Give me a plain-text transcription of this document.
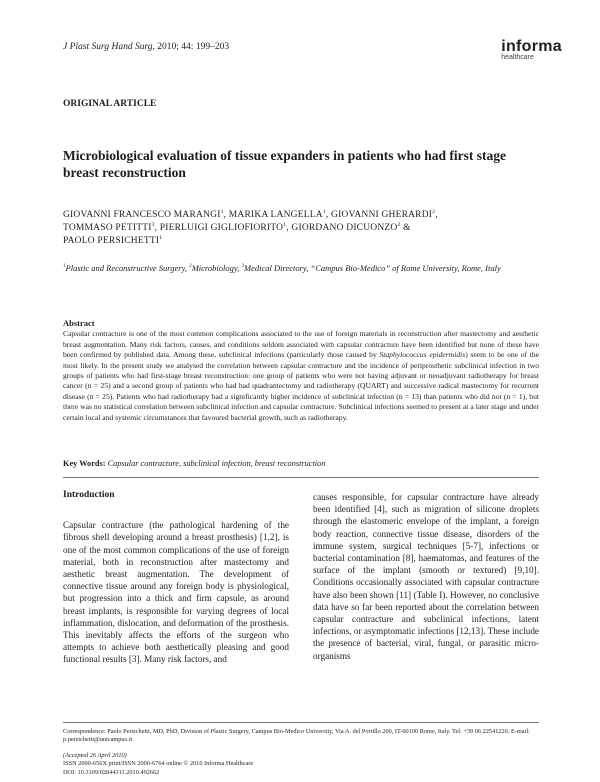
J Plast Surg Hand Surg, 2010; 44: 199–203	informa
healthcare
ORIGINAL ARTICLE
Microbiological evaluation of tissue expanders in patients who had first stage breast reconstruction
GIOVANNI FRANCESCO MARANGI$^1$, MARIKA LANGELLA$^1$, GIOVANNI GHERARDI$^2$,
TOMMASO PETITTI$^3$, PIERLUIGI GIGLIOFIORITO$^1$, GIORDANO DICUONZO$^2$ &
PAOLO PERSICHETTI$^1$
$^1$Plastic and Reconstructive Surgery, $^2$Microbiology, $^3$Medical Directory, “Campus Bio-Medico” of Rome University, Rome, Italy
Abstract
Capsular contracture is one of the most common complications associated to the use of foreign materials in reconstruction after mastectomy and aesthetic breast augmentation. Many risk factors, causes, and conditions seldom associated with capsular contracture have been identified but none of these have been confirmed by published data. Among these, subclinical infections (particularly those caused by Staphylococcus epidermidis) seem to be one of the most likely. In the present study we analysed the correlation between capsular contracture and the incidence of periprosthetic subclinical infection in two groups of patients who had first-stage breast reconstruction: one group of patients who were not having adjuvant or neoadjuvant radiotherapy for breast cancer (n = 25) and a second group of patients who had had quadrantectomy and radiotherapy (QUART) and successive radical mastectomy for recurrent disease (n = 25). Patients who had radiotherapy had a significantly higher incidence of subclinical infection (n = 13) than patients who did not (n = 1), but there was no statistical correlation between subclinical infection and capsular contracture. Subclinical infections seemed to present at a later stage and under certain local and systemic circumstances that favoured bacterial growth, such as radiotherapy.
Key Words: Capsular contracture, subclinical infection, breast reconstruction
Introduction
Capsular contracture (the pathological hardening of the fibrous shell developing around a breast prosthesis) [1,2], is one of the most common complications of the use of foreign material, both in reconstruction after mastectomy and aesthetic breast augmentation. The development of connective tissue around any foreign body is physiological, but progression into a thick and firm capsule, as around breast implants, is responsible for varying degrees of local inflammation, dislocation, and deformation of the prosthesis. This inevitably affects the efforts of the surgeon who attempts to achieve both aesthetically pleasing and good functional results [3]. Many risk factors, and
causes responsible, for capsular contracture have already been identified [4], such as migration of silicone droplets through the elastomeric envelope of the implant, a foreign body reaction, connective tissue disease, disorders of the immune system, surgical techniques [5-7], infections or bacterial contamination [8], haematomas, and features of the surface of the implant (smooth or textured) [9,10]. Conditions occasionally associated with capsular contracture have also been shown [11] (Table I). However, no conclusive data have so far been reported about the correlation between capsular contracture and subclinical infections, latent infections, or asymptomatic infections [12,13]. These include the presence of bacterial, viral, fungal, or parasitic micro-organisms
Correspondence: Paolo Persichetti, MD, PhD, Division of Plastic Surgery, Campus Bio-Medico University, Via A. del Portillo 200, IT-00100 Rome, Italy. Tel: +39 06 22541220. E-mail: p.persichetti@unicampus.it
(Accepted 26 April 2010)
ISSN 2000-656X print/ISSN 2000-6764 online © 2010 Informa Healthcare
DOI: 10.3109/02844311.2010.492662
